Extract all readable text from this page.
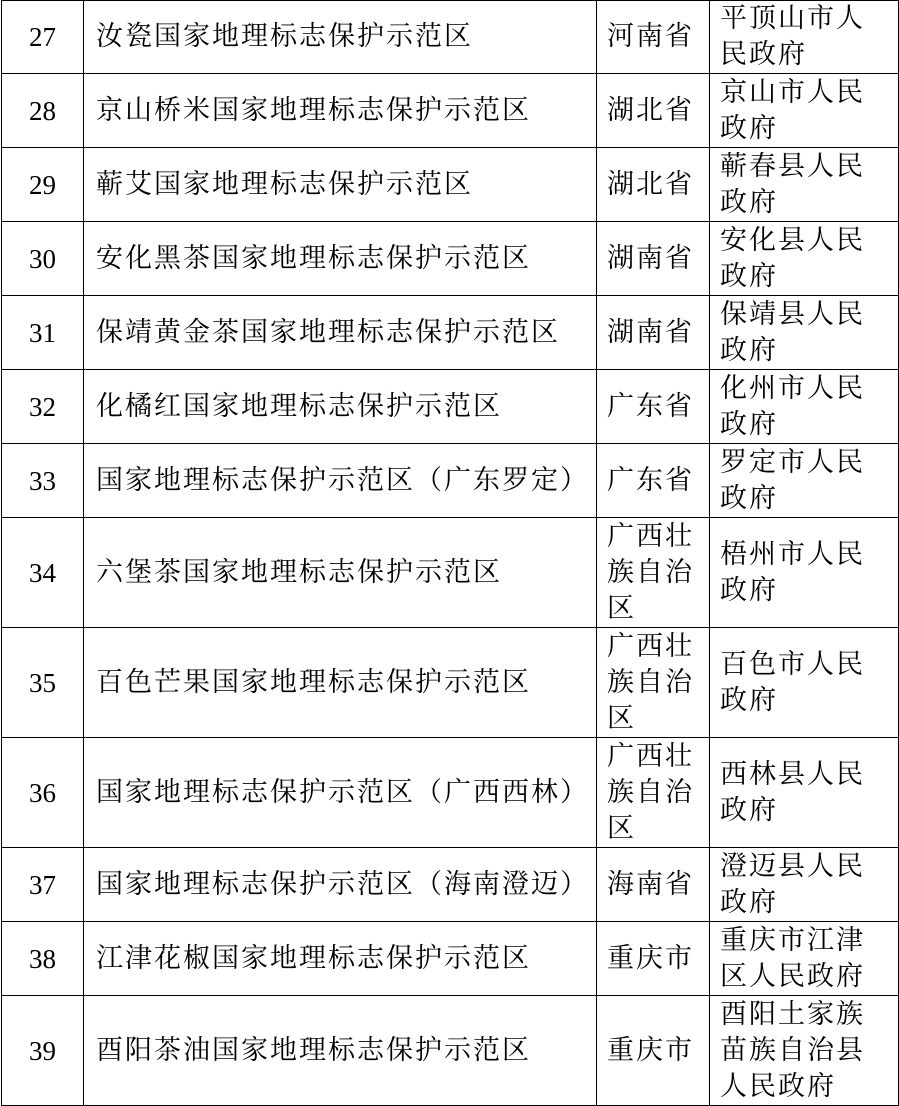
27	汝瓷国家地理标志保护示范区	河南省	平顶山市人
民政府

28	京山桥米国家地理标志保护示范区	湖北省	京山市人民
政府

29	蕲艾国家地理标志保护示范区	湖北省	蕲春县人民
政府

30	安化黑茶国家地理标志保护示范区	湖南省	安化县人民
政府

31	保靖黄金茶国家地理标志保护示范区	湖南省	保靖县人民
政府

32	化橘红国家地理标志保护示范区	广东省	化州市人民
政府

33	国家地理标志保护示范区（广东罗定）	广东省	罗定市人民
政府

34	六堡茶国家地理标志保护示范区	广西壮
族自治
区	梧州市人民
政府

35	百色芒果国家地理标志保护示范区	广西壮
族自治
区	百色市人民
政府

36	国家地理标志保护示范区（广西西林）	广西壮
族自治
区	西林县人民
政府

37	国家地理标志保护示范区（海南澄迈）	海南省	澄迈县人民
政府

38	江津花椒国家地理标志保护示范区	重庆市	重庆市江津
区人民政府

39	酉阳茶油国家地理标志保护示范区	重庆市	酉阳土家族
苗族自治县
人民政府
